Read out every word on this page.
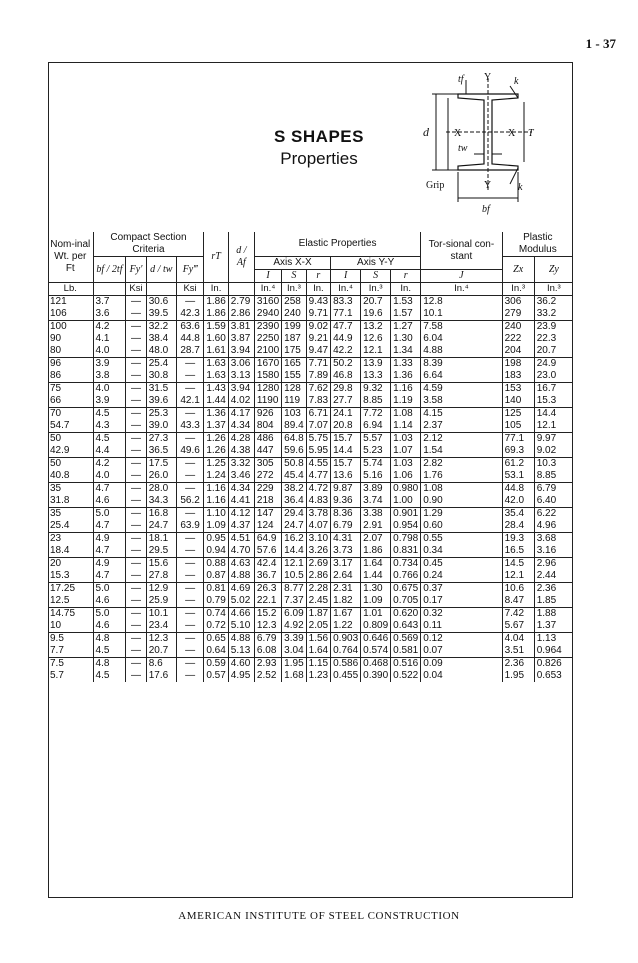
1 - 37
S SHAPES
Properties
tf Y k
d	X	X T
tw
Grip	Y	k
bf
Nom-inal
Wt. per Ft	Compact Section Criteria				rT	d / Af	Elastic Properties						Tor-sional con-stant	Plastic Modulus	
	bf / 2tf	Fy′	d / tw	Fy‴			Axis X-X			Axis Y-Y				Zx	Zy
							I	S	r	I	S	r	J		
Lb.		Ksi		Ksi	In.		In.⁴	In.³	In.	In.⁴	In.³	In.	In.⁴	In.³	In.³
121	3.7	—	30.6	—	1.86	2.79	3160	258	9.43	83.3	20.7	1.53	12.8	306	36.2
106	3.6	—	39.5	42.3	1.86	2.86	2940	240	9.71	77.1	19.6	1.57	10.1	279	33.2
100	4.2	—	32.2	63.6	1.59	3.81	2390	199	9.02	47.7	13.2	1.27	7.58	240	23.9
90	4.1	—	38.4	44.8	1.60	3.87	2250	187	9.21	44.9	12.6	1.30	6.04	222	22.3
80	4.0	—	48.0	28.7	1.61	3.94	2100	175	9.47	42.2	12.1	1.34	4.88	204	20.7
96	3.9	—	25.4	—	1.63	3.06	1670	165	7.71	50.2	13.9	1.33	8.39	198	24.9
86	3.8	—	30.8	—	1.63	3.13	1580	155	7.89	46.8	13.3	1.36	6.64	183	23.0
75	4.0	—	31.5	—	1.43	3.94	1280	128	7.62	29.8	9.32	1.16	4.59	153	16.7
66	3.9	—	39.6	42.1	1.44	4.02	1190	119	7.83	27.7	8.85	1.19	3.58	140	15.3
70	4.5	—	25.3	—	1.36	4.17	926	103	6.71	24.1	7.72	1.08	4.15	125	14.4
54.7	4.3	—	39.0	43.3	1.37	4.34	804	89.4	7.07	20.8	6.94	1.14	2.37	105	12.1
50	4.5	—	27.3	—	1.26	4.28	486	64.8	5.75	15.7	5.57	1.03	2.12	77.1	9.97
42.9	4.4	—	36.5	49.6	1.26	4.38	447	59.6	5.95	14.4	5.23	1.07	1.54	69.3	9.02
50	4.2	—	17.5	—	1.25	3.32	305	50.8	4.55	15.7	5.74	1.03	2.82	61.2	10.3
40.8	4.0	—	26.0	—	1.24	3.46	272	45.4	4.77	13.6	5.16	1.06	1.76	53.1	8.85
35	4.7	—	28.0	—	1.16	4.34	229	38.2	4.72	9.87	3.89	0.980	1.08	44.8	6.79
31.8	4.6	—	34.3	56.2	1.16	4.41	218	36.4	4.83	9.36	3.74	1.00	0.90	42.0	6.40
35	5.0	—	16.8	—	1.10	4.12	147	29.4	3.78	8.36	3.38	0.901	1.29	35.4	6.22
25.4	4.7	—	24.7	63.9	1.09	4.37	124	24.7	4.07	6.79	2.91	0.954	0.60	28.4	4.96
23	4.9	—	18.1	—	0.95	4.51	64.9	16.2	3.10	4.31	2.07	0.798	0.55	19.3	3.68
18.4	4.7	—	29.5	—	0.94	4.70	57.6	14.4	3.26	3.73	1.86	0.831	0.34	16.5	3.16
20	4.9	—	15.6	—	0.88	4.63	42.4	12.1	2.69	3.17	1.64	0.734	0.45	14.5	2.96
15.3	4.7	—	27.8	—	0.87	4.88	36.7	10.5	2.86	2.64	1.44	0.766	0.24	12.1	2.44
17.25	5.0	—	12.9	—	0.81	4.69	26.3	8.77	2.28	2.31	1.30	0.675	0.37	10.6	2.36
12.5	4.6	—	25.9	—	0.79	5.02	22.1	7.37	2.45	1.82	1.09	0.705	0.17	8.47	1.85
14.75	5.0	—	10.1	—	0.74	4.66	15.2	6.09	1.87	1.67	1.01	0.620	0.32	7.42	1.88
10	4.6	—	23.4	—	0.72	5.10	12.3	4.92	2.05	1.22	0.809	0.643	0.11	5.67	1.37
9.5	4.8	—	12.3	—	0.65	4.88	6.79	3.39	1.56	0.903	0.646	0.569	0.12	4.04	1.13
7.7	4.5	—	20.7	—	0.64	5.13	6.08	3.04	1.64	0.764	0.574	0.581	0.07	3.51	0.964
7.5	4.8	—	8.6	—	0.59	4.60	2.93	1.95	1.15	0.586	0.468	0.516	0.09	2.36	0.826
5.7	4.5	—	17.6	—	0.57	4.95	2.52	1.68	1.23	0.455	0.390	0.522	0.04	1.95	0.653
AMERICAN INSTITUTE OF STEEL CONSTRUCTION
